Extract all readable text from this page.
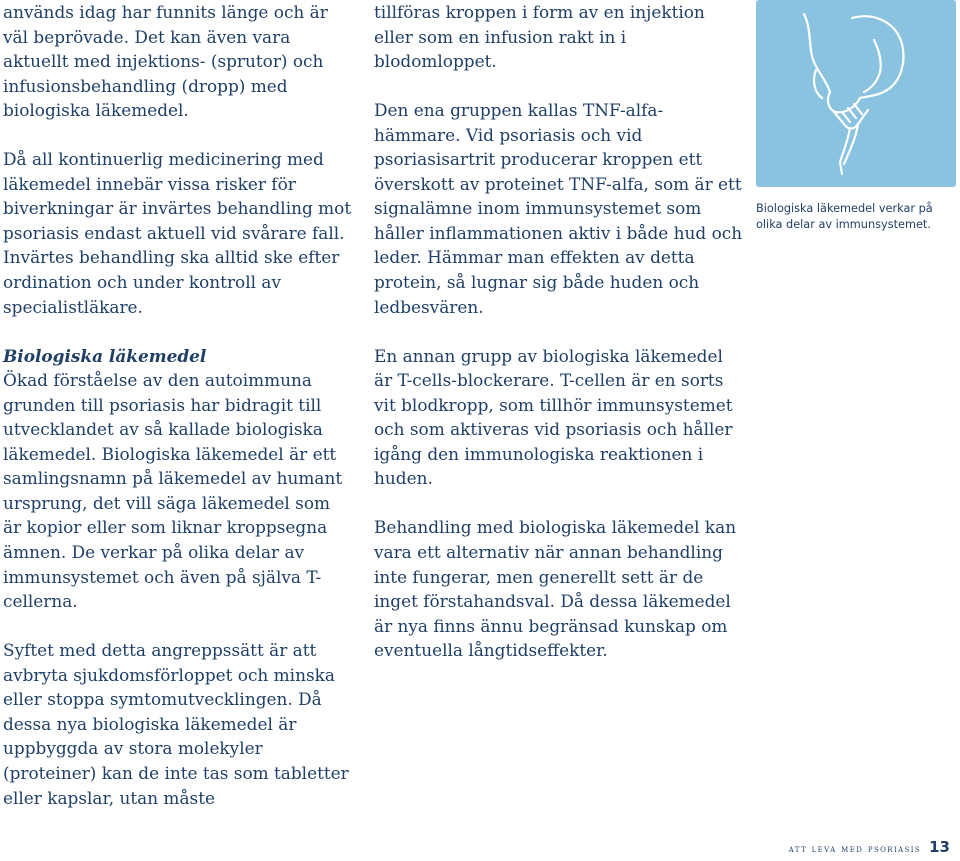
används idag har funnits länge och är väl beprövade. Det kan även vara aktuellt med injektions- (sprutor) och infusionsbehandling (dropp) med biologiska läkemedel.

Då all kontinuerlig medicinering med läkemedel innebär vissa risker för biverkningar är invärtes behandling mot psoriasis endast aktuell vid svårare fall.

Invärtes behandling ska alltid ske efter ordination och under kontroll av specialistläkare.

Biologiska läkemedel

Ökad förståelse av den autoimmuna grunden till psoriasis har bidragit till utvecklandet av så kallade biologiska läkemedel. Biologiska läkemedel är ett samlingsnamn på läkemedel av humant ursprung, det vill säga läkemedel som är kopior eller som liknar kroppsegna ämnen. De verkar på olika delar av immunsystemet och även på själva T-cellerna.

Syftet med detta angreppssätt är att avbryta sjukdomsförloppet och minska eller stoppa symtomutvecklingen. Då dessa nya biologiska läkemedel är uppbyggda av stora molekyler (proteiner) kan de inte tas som tabletter eller kapslar, utan måste

tillföras kroppen i form av en injektion eller som en infusion rakt in i blodomloppet.

Den ena gruppen kallas TNF-alfa-hämmare. Vid psoriasis och vid psoriasisartrit producerar kroppen ett överskott av proteinet TNF-alfa, som är ett signalämne inom immunsystemet som håller inflammationen aktiv i både hud och leder. Hämmar man effekten av detta protein, så lugnar sig både huden och ledbesvären.

En annan grupp av biologiska läkemedel är T-cells-blockerare. T-cellen är en sorts vit blodkropp, som tillhör immunsystemet och som aktiveras vid psoriasis och håller igång den immunologiska reaktionen i huden.

Behandling med biologiska läkemedel kan vara ett alternativ när annan behandling inte fungerar, men generellt sett är de inget förstahandsval. Då dessa läkemedel är nya finns ännu begränsad kunskap om eventuella långtidseffekter.

Biologiska läkemedel verkar på olika delar av immunsystemet.
att leva med psoriasis 13
